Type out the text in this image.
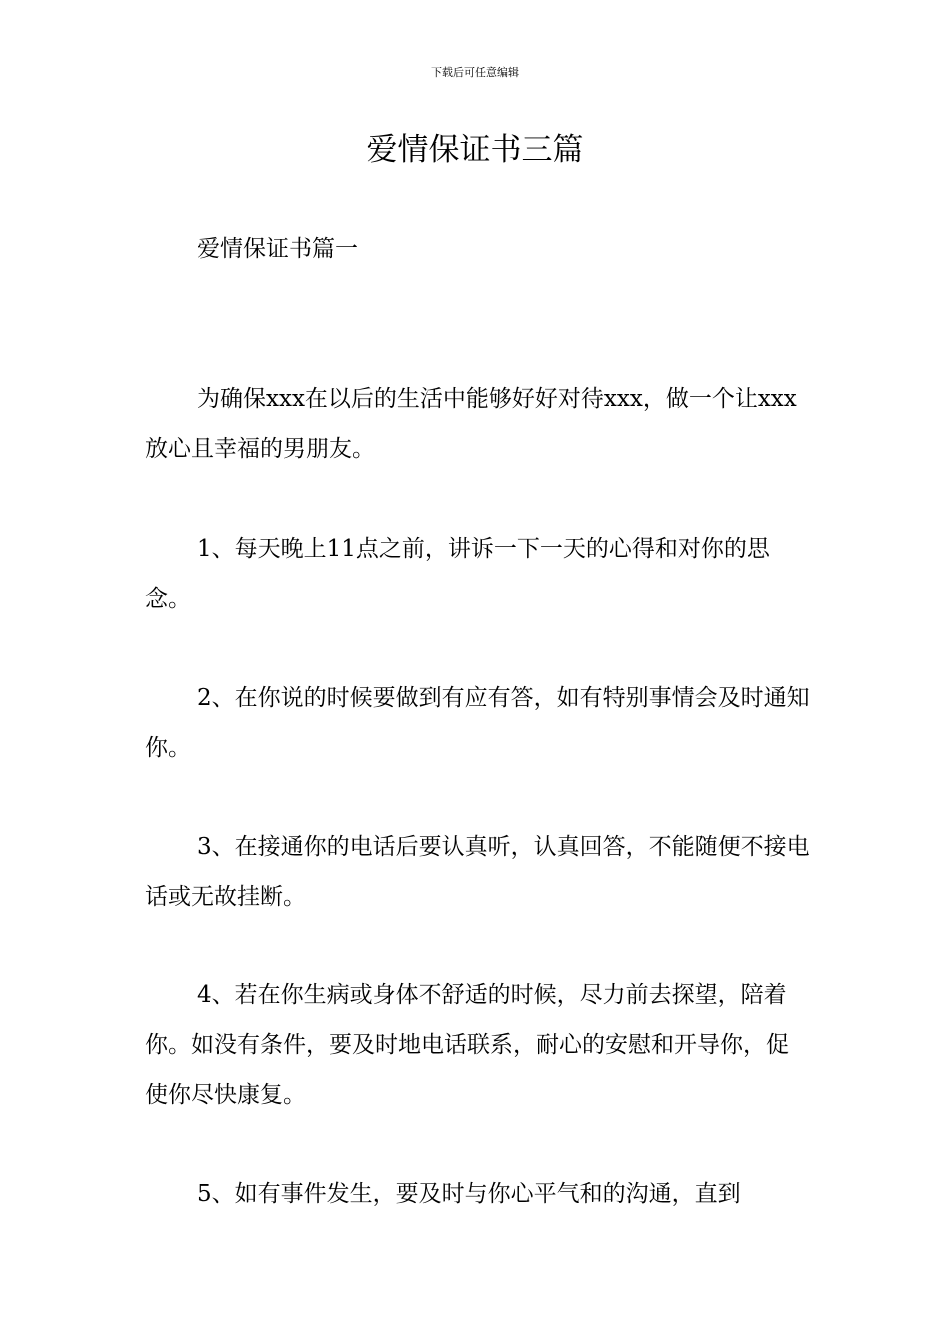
下载后可任意编辑
爱情保证书三篇

爱情保证书篇一

为确保xxx在以后的生活中能够好好对待xxx，做一个让xxx放心且幸福的男朋友。

1、每天晚上11点之前，讲诉一下一天的心得和对你的思念。

2、在你说的时候要做到有应有答，如有特别事情会及时通知你。

3、在接通你的电话后要认真听，认真回答，不能随便不接电话或无故挂断。

4、若在你生病或身体不舒适的时候，尽力前去探望，陪着你。如没有条件，要及时地电话联系，耐心的安慰和开导你，促使你尽快康复。

5、如有事件发生，要及时与你心平气和的沟通，直到
